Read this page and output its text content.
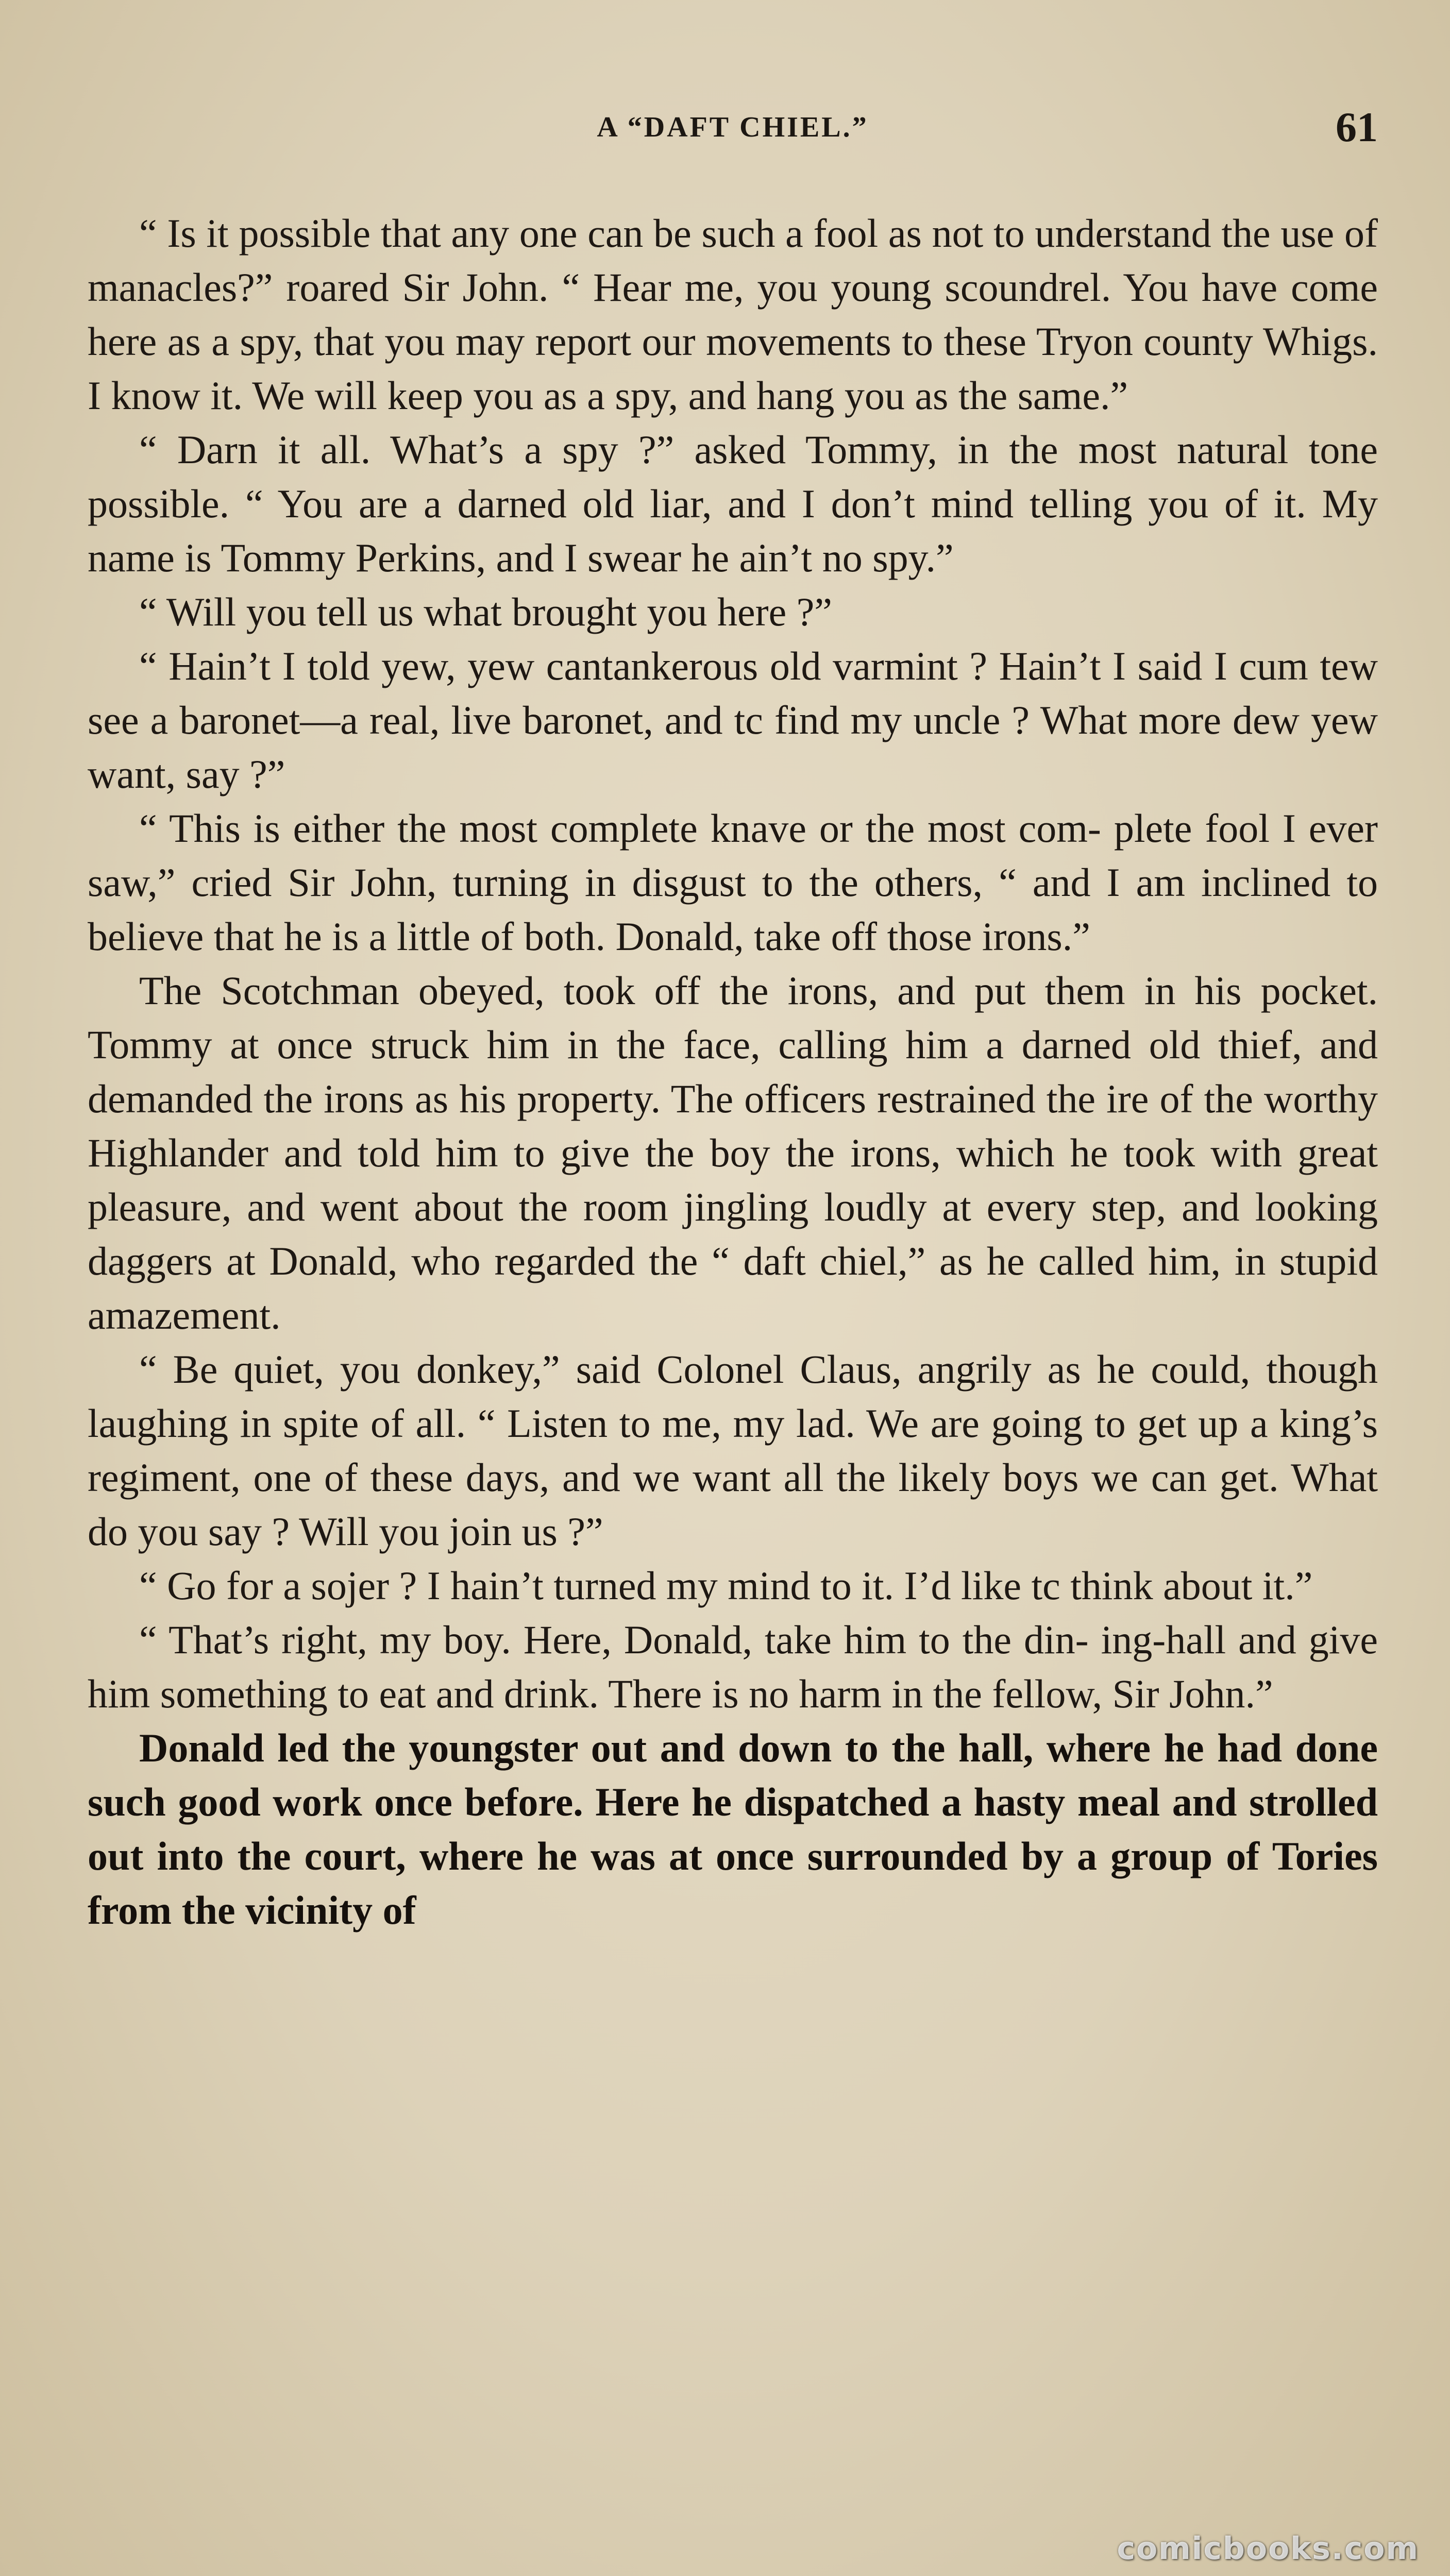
A “DAFT CHIEL.”	61

“ Is it possible that any one can be such a fool as not to understand the use of manacles?” roared Sir John. “ Hear me, you young scoundrel. You have come here as a spy, that you may report our movements to these Tryon county Whigs. I know it. We will keep you as a spy, and hang you as the same.”

“ Darn it all. What’s a spy ?” asked Tommy, in the most natural tone possible. “ You are a darned old liar, and I don’t mind telling you of it. My name is Tommy Perkins, and I swear he ain’t no spy.”

“ Will you tell us what brought you here ?”

“ Hain’t I told yew, yew cantankerous old varmint ? Hain’t I said I cum tew see a baronet—a real, live baronet, and tc find my uncle ? What more dew yew want, say ?”

“ This is either the most complete knave or the most com- plete fool I ever saw,” cried Sir John, turning in disgust to the others, “ and I am inclined to believe that he is a little of both. Donald, take off those irons.”

The Scotchman obeyed, took off the irons, and put them in his pocket. Tommy at once struck him in the face, calling him a darned old thief, and demanded the irons as his property. The officers restrained the ire of the worthy Highlander and told him to give the boy the irons, which he took with great pleasure, and went about the room jingling loudly at every step, and looking daggers at Donald, who regarded the “ daft chiel,” as he called him, in stupid amazement.

“ Be quiet, you donkey,” said Colonel Claus, angrily as he could, though laughing in spite of all. “ Listen to me, my lad. We are going to get up a king’s regiment, one of these days, and we want all the likely boys we can get. What do you say ? Will you join us ?”

“ Go for a sojer ? I hain’t turned my mind to it. I’d like tc think about it.”

“ That’s right, my boy. Here, Donald, take him to the din- ing-hall and give him something to eat and drink. There is no harm in the fellow, Sir John.”

Donald led the youngster out and down to the hall, where he had done such good work once before. Here he dispatched a hasty meal and strolled out into the court, where he was at once surrounded by a group of Tories from the vicinity of

comicbooks.com
